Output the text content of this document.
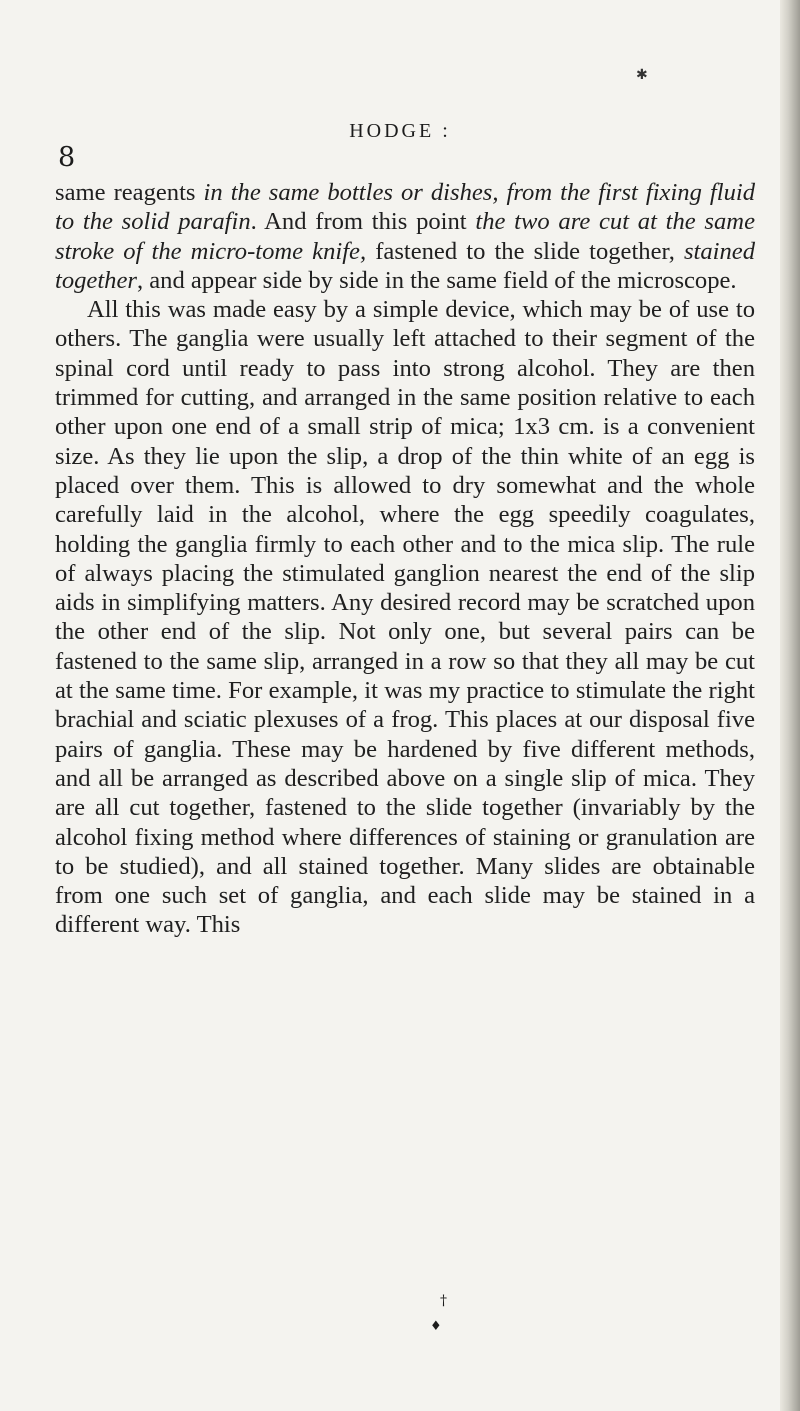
✱
HODGE :
8

same reagents in the same bottles or dishes, from the first fixing fluid to the solid parafin. And from this point the two are cut at the same stroke of the micro-tome knife, fastened to the slide together, stained together, and appear side by side in the same field of the microscope.

All this was made easy by a simple device, which may be of use to others. The ganglia were usually left attached to their segment of the spinal cord until ready to pass into strong alcohol. They are then trimmed for cutting, and arranged in the same position relative to each other upon one end of a small strip of mica; 1x3 cm. is a convenient size. As they lie upon the slip, a drop of the thin white of an egg is placed over them. This is allowed to dry somewhat and the whole carefully laid in the alcohol, where the egg speedily coagulates, holding the ganglia firmly to each other and to the mica slip. The rule of always placing the stimulated ganglion nearest the end of the slip aids in simplifying matters. Any desired record may be scratched upon the other end of the slip. Not only one, but several pairs can be fastened to the same slip, arranged in a row so that they all may be cut at the same time. For example, it was my practice to stimulate the right brachial and sciatic plexuses of a frog. This places at our disposal five pairs of ganglia. These may be hardened by five different methods, and all be arranged as described above on a single slip of mica. They are all cut together, fastened to the slide together (invariably by the alcohol fixing method where differences of staining or granulation are to be studied), and all stained together. Many slides are obtainable from one such set of ganglia, and each slide may be stained in a different way. This

†
♦
